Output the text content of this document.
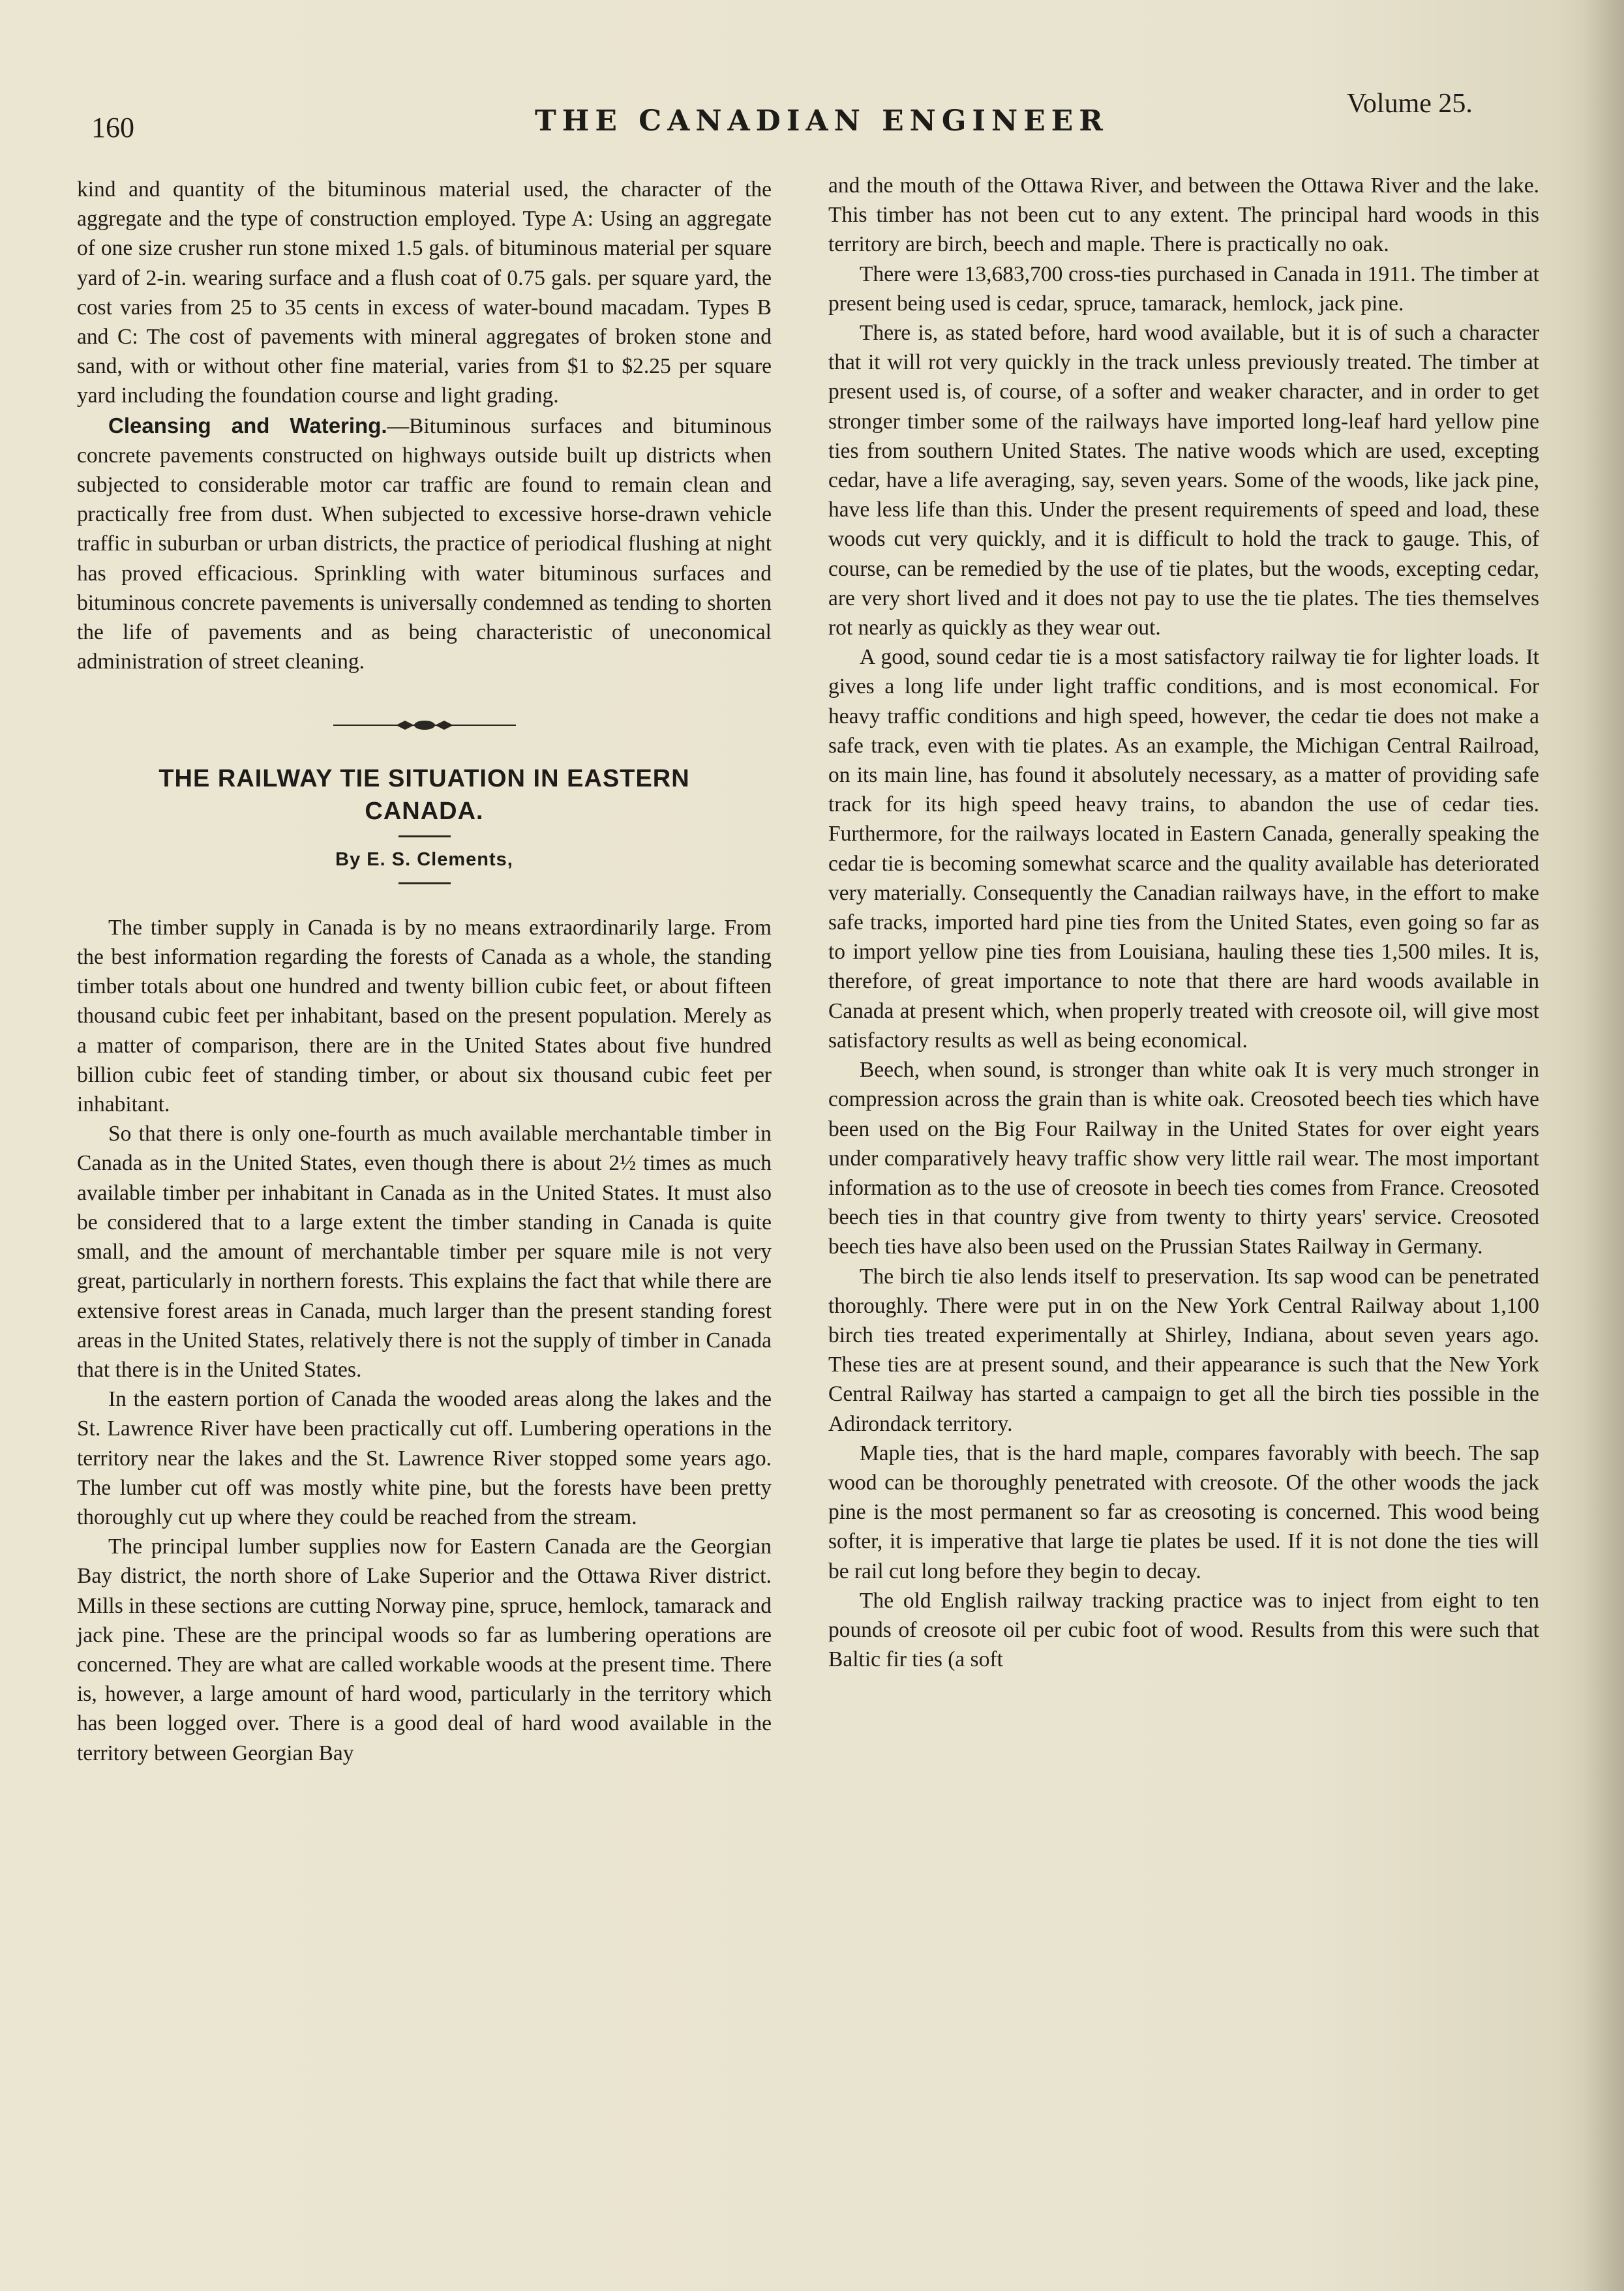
160	THE CANADIAN ENGINEER
Volume 25.

kind and quantity of the bituminous material used, the character of the aggregate and the type of construction employed. Type A: Using an aggregate of one size crusher run stone mixed 1.5 gals. of bituminous material per square yard of 2-in. wearing surface and a flush coat of 0.75 gals. per square yard, the cost varies from 25 to 35 cents in excess of water-bound macadam. Types B and C: The cost of pavements with mineral aggregates of broken stone and sand, with or without other fine material, varies from $1 to $2.25 per square yard including the foundation course and light grading.

Cleansing and Watering.—Bituminous surfaces and bituminous concrete pavements constructed on highways outside built up districts when subjected to considerable motor car traffic are found to remain clean and practically free from dust. When subjected to excessive horse-drawn vehicle traffic in suburban or urban districts, the practice of periodical flushing at night has proved efficacious. Sprinkling with water bituminous surfaces and bituminous concrete pavements is universally condemned as tending to shorten the life of pavements and as being characteristic of uneconomical administration of street cleaning.

THE RAILWAY TIE SITUATION IN EASTERN
CANADA.

By E. S. Clements,

The timber supply in Canada is by no means extraordinarily large. From the best information regarding the forests of Canada as a whole, the standing timber totals about one hundred and twenty billion cubic feet, or about fifteen thousand cubic feet per inhabitant, based on the present population. Merely as a matter of comparison, there are in the United States about five hundred billion cubic feet of standing timber, or about six thousand cubic feet per inhabitant.

So that there is only one-fourth as much available merchantable timber in Canada as in the United States, even though there is about 2½ times as much available timber per inhabitant in Canada as in the United States. It must also be considered that to a large extent the timber standing in Canada is quite small, and the amount of merchantable timber per square mile is not very great, particularly in northern forests. This explains the fact that while there are extensive forest areas in Canada, much larger than the present standing forest areas in the United States, relatively there is not the supply of timber in Canada that there is in the United States.

In the eastern portion of Canada the wooded areas along the lakes and the St. Lawrence River have been practically cut off. Lumbering operations in the territory near the lakes and the St. Lawrence River stopped some years ago. The lumber cut off was mostly white pine, but the forests have been pretty thoroughly cut up where they could be reached from the stream.

The principal lumber supplies now for Eastern Canada are the Georgian Bay district, the north shore of Lake Superior and the Ottawa River district. Mills in these sections are cutting Norway pine, spruce, hemlock, tamarack and jack pine. These are the principal woods so far as lumbering operations are concerned. They are what are called workable woods at the present time. There is, however, a large amount of hard wood, particularly in the territory which has been logged over. There is a good deal of hard wood available in the territory between Georgian Bay

and the mouth of the Ottawa River, and between the Ottawa River and the lake. This timber has not been cut to any extent. The principal hard woods in this territory are birch, beech and maple. There is practically no oak.

There were 13,683,700 cross-ties purchased in Canada in 1911. The timber at present being used is cedar, spruce, tamarack, hemlock, jack pine.

There is, as stated before, hard wood available, but it is of such a character that it will rot very quickly in the track unless previously treated. The timber at present used is, of course, of a softer and weaker character, and in order to get stronger timber some of the railways have imported long-leaf hard yellow pine ties from southern United States. The native woods which are used, excepting cedar, have a life averaging, say, seven years. Some of the woods, like jack pine, have less life than this. Under the present requirements of speed and load, these woods cut very quickly, and it is difficult to hold the track to gauge. This, of course, can be remedied by the use of tie plates, but the woods, excepting cedar, are very short lived and it does not pay to use the tie plates. The ties themselves rot nearly as quickly as they wear out.

A good, sound cedar tie is a most satisfactory railway tie for lighter loads. It gives a long life under light traffic conditions, and is most economical. For heavy traffic conditions and high speed, however, the cedar tie does not make a safe track, even with tie plates. As an example, the Michigan Central Railroad, on its main line, has found it absolutely necessary, as a matter of providing safe track for its high speed heavy trains, to abandon the use of cedar ties. Furthermore, for the railways located in Eastern Canada, generally speaking the cedar tie is becoming somewhat scarce and the quality available has deteriorated very materially. Consequently the Canadian railways have, in the effort to make safe tracks, imported hard pine ties from the United States, even going so far as to import yellow pine ties from Louisiana, hauling these ties 1,500 miles. It is, therefore, of great importance to note that there are hard woods available in Canada at present which, when properly treated with creosote oil, will give most satisfactory results as well as being economical.

Beech, when sound, is stronger than white oak It is very much stronger in compression across the grain than is white oak. Creosoted beech ties which have been used on the Big Four Railway in the United States for over eight years under comparatively heavy traffic show very little rail wear. The most important information as to the use of creosote in beech ties comes from France. Creosoted beech ties in that country give from twenty to thirty years' service. Creosoted beech ties have also been used on the Prussian States Railway in Germany.

The birch tie also lends itself to preservation. Its sap wood can be penetrated thoroughly. There were put in on the New York Central Railway about 1,100 birch ties treated experimentally at Shirley, Indiana, about seven years ago. These ties are at present sound, and their appearance is such that the New York Central Railway has started a campaign to get all the birch ties possible in the Adirondack territory.

Maple ties, that is the hard maple, compares favorably with beech. The sap wood can be thoroughly penetrated with creosote. Of the other woods the jack pine is the most permanent so far as creosoting is concerned. This wood being softer, it is imperative that large tie plates be used. If it is not done the ties will be rail cut long before they begin to decay.

The old English railway tracking practice was to inject from eight to ten pounds of creosote oil per cubic foot of wood. Results from this were such that Baltic fir ties (a soft
